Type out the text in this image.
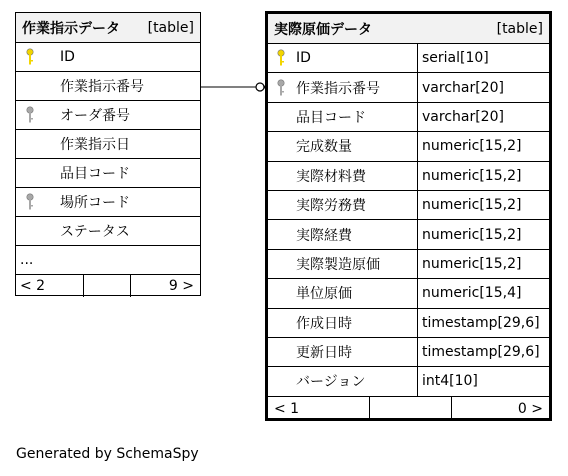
作業指示データ [table]
ID
作業指示番号
オーダ番号
作業指示日
品目コード
場所コード
ステータス
...
< 2	9 >
実際原価データ	[table]
ID	serial[10]
作業指示番号	varchar[20]
品目コード	varchar[20]
完成数量	numeric[15,2]
実際材料費	numeric[15,2]
実際労務費	numeric[15,2]
実際経費	numeric[15,2]
実際製造原価	numeric[15,2]
単位原価	numeric[15,4]
作成日時	timestamp[29,6]
更新日時	timestamp[29,6]
バージョン	int4[10]
< 1	0 >
Generated by SchemaSpy
